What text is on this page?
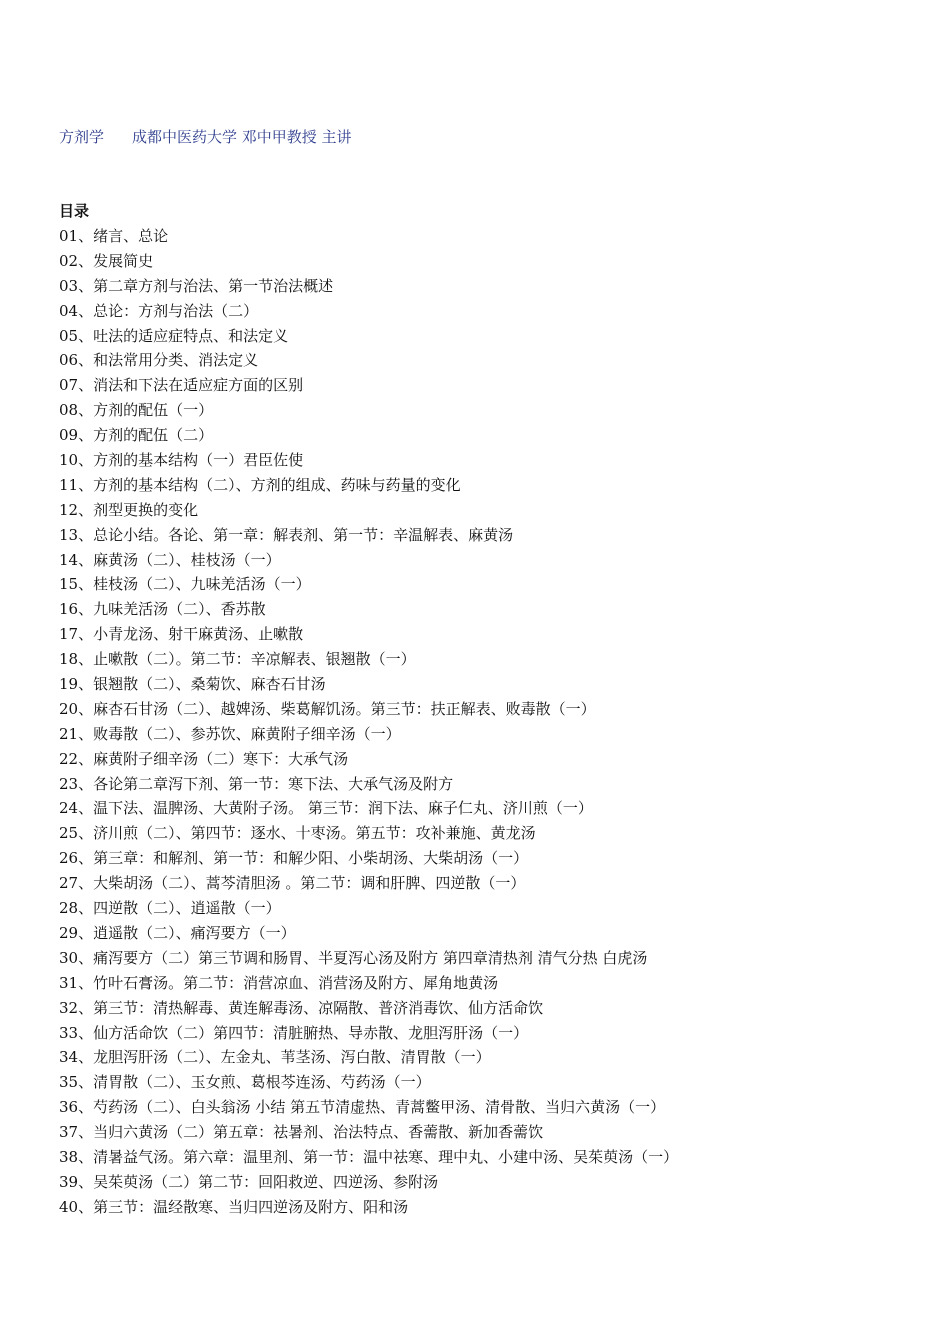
方剂学 成都中医药大学 邓中甲教授 主讲
目录
01、绪言、总论
02、发展简史
03、第二章方剂与治法、第一节治法概述
04、总论：方剂与治法（二）
05、吐法的适应症特点、和法定义
06、和法常用分类、消法定义
07、消法和下法在适应症方面的区别
08、方剂的配伍（一）
09、方剂的配伍（二）
10、方剂的基本结构（一）君臣佐使
11、方剂的基本结构（二）、方剂的组成、药味与药量的变化
12、剂型更换的变化
13、总论小结。各论、第一章：解表剂、第一节：辛温解表、麻黄汤
14、麻黄汤（二）、桂枝汤（一）
15、桂枝汤（二）、九味羌活汤（一）
16、九味羌活汤（二）、香苏散
17、小青龙汤、射干麻黄汤、止嗽散
18、止嗽散（二）。第二节：辛凉解表、银翘散（一）
19、银翘散（二）、桑菊饮、麻杏石甘汤
20、麻杏石甘汤（二）、越婢汤、柴葛解饥汤。第三节：扶正解表、败毒散（一）
21、败毒散（二）、参苏饮、麻黄附子细辛汤（一）
22、麻黄附子细辛汤（二）寒下：大承气汤
23、各论第二章泻下剂、第一节：寒下法、大承气汤及附方
24、温下法、温脾汤、大黄附子汤。 第三节：润下法、麻子仁丸、济川煎（一）
25、济川煎（二）、第四节：逐水、十枣汤。第五节：攻补兼施、黄龙汤
26、第三章：和解剂、第一节：和解少阳、小柴胡汤、大柴胡汤（一）
27、大柴胡汤（二）、蒿芩清胆汤 。第二节：调和肝脾、四逆散（一）
28、四逆散（二）、逍遥散（一）
29、逍遥散（二）、痛泻要方（一）
30、痛泻要方（二）第三节调和肠胃、半夏泻心汤及附方 第四章清热剂 清气分热 白虎汤
31、竹叶石膏汤。第二节：消营凉血、消营汤及附方、犀角地黄汤
32、第三节：清热解毒、黄连解毒汤、凉隔散、普济消毒饮、仙方活命饮
33、仙方活命饮（二）第四节：清脏腑热、导赤散、龙胆泻肝汤（一）
34、龙胆泻肝汤（二）、左金丸、苇茎汤、泻白散、清胃散（一）
35、清胃散（二）、玉女煎、葛根芩连汤、芍药汤（一）
36、芍药汤（二）、白头翁汤 小结 第五节清虚热、青蒿鳖甲汤、清骨散、当归六黄汤（一）
37、当归六黄汤（二）第五章：祛暑剂、治法特点、香薷散、新加香薷饮
38、清暑益气汤。第六章：温里剂、第一节：温中祛寒、理中丸、小建中汤、吴茱萸汤（一）
39、吴茱萸汤（二）第二节：回阳救逆、四逆汤、参附汤
40、第三节：温经散寒、当归四逆汤及附方、阳和汤
